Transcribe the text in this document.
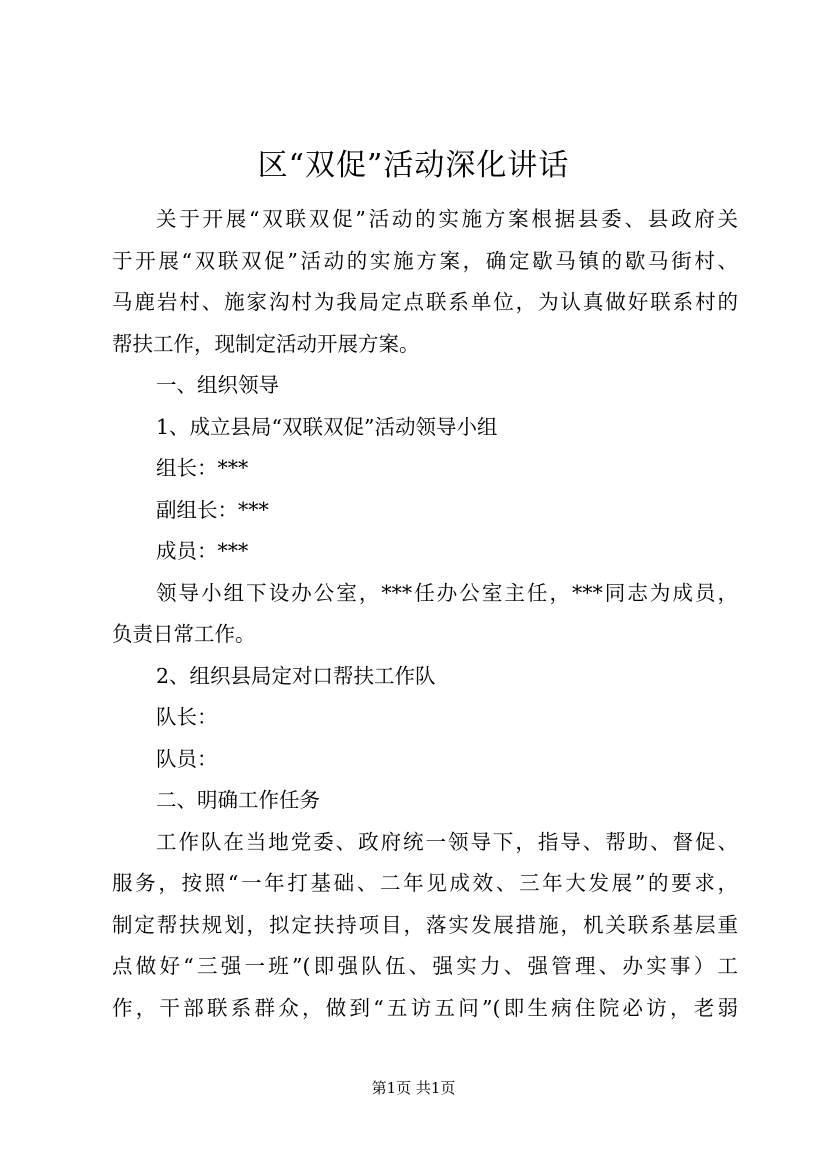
区“双促”活动深化讲话

关于开展“双联双促”活动的实施方案根据县委、县政府关

于开展“双联双促”活动的实施方案，确定歇马镇的歇马街村、

马鹿岩村、施家沟村为我局定点联系单位，为认真做好联系村的

帮扶工作，现制定活动开展方案。

一、组织领导

1、成立县局“双联双促”活动领导小组

组长：***

副组长：***

成员：***

领导小组下设办公室，***任办公室主任，***同志为成员，

负责日常工作。

2、组织县局定对口帮扶工作队

队长：

队员：

二、明确工作任务

工作队在当地党委、政府统一领导下，指导、帮助、督促、

服务，按照“一年打基础、二年见成效、三年大发展”的要求，

制定帮扶规划，拟定扶持项目，落实发展措施，机关联系基层重

点做好“三强一班”(即强队伍、强实力、强管理、办实事）工

作，干部联系群众，做到“五访五问”(即生病住院必访，老弱

第1页 共1页
